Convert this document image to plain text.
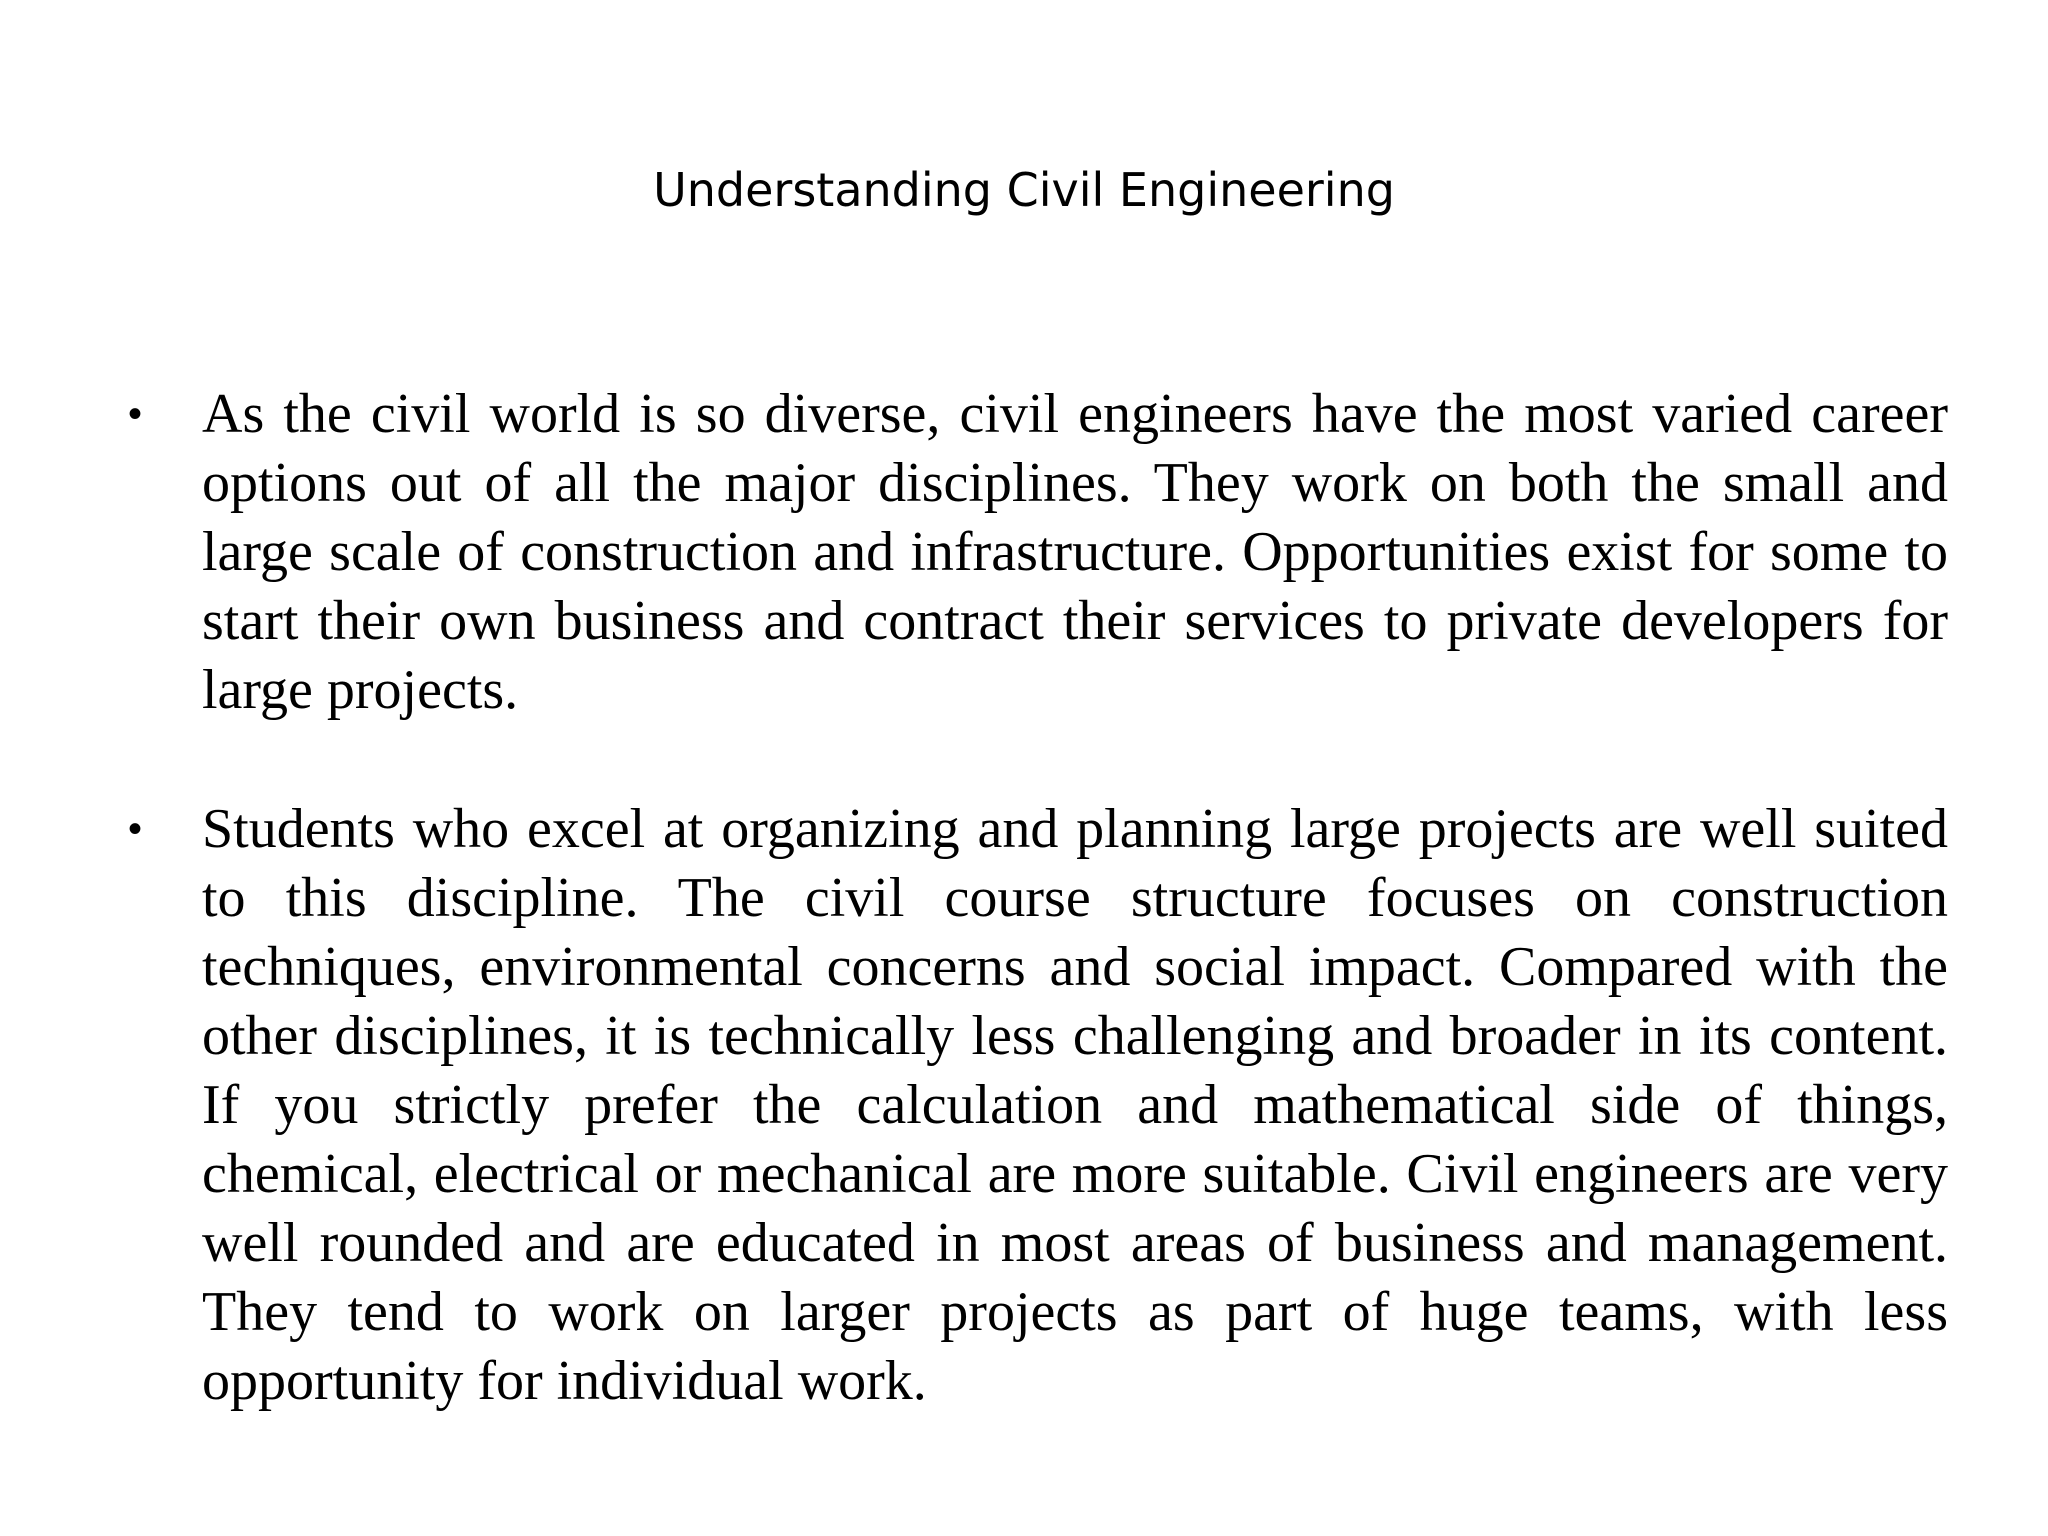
Understanding Civil Engineering
• As the civil world is so diverse, civil engineers have the most varied career options out of all the major disciplines. They work on both the small and large scale of construction and infrastructure. Opportunities exist for some to start their own business and contract their services to private developers for large projects.
• Students who excel at organizing and planning large projects are well suited to this discipline. The civil course structure focuses on construction techniques, environmental concerns and social impact. Compared with the other disciplines, it is technically less challenging and broader in its content. If you strictly prefer the calculation and mathematical side of things, chemical, electrical or mechanical are more suitable. Civil engineers are very well rounded and are educated in most areas of business and management. They tend to work on larger projects as part of huge teams, with less opportunity for individual work.
